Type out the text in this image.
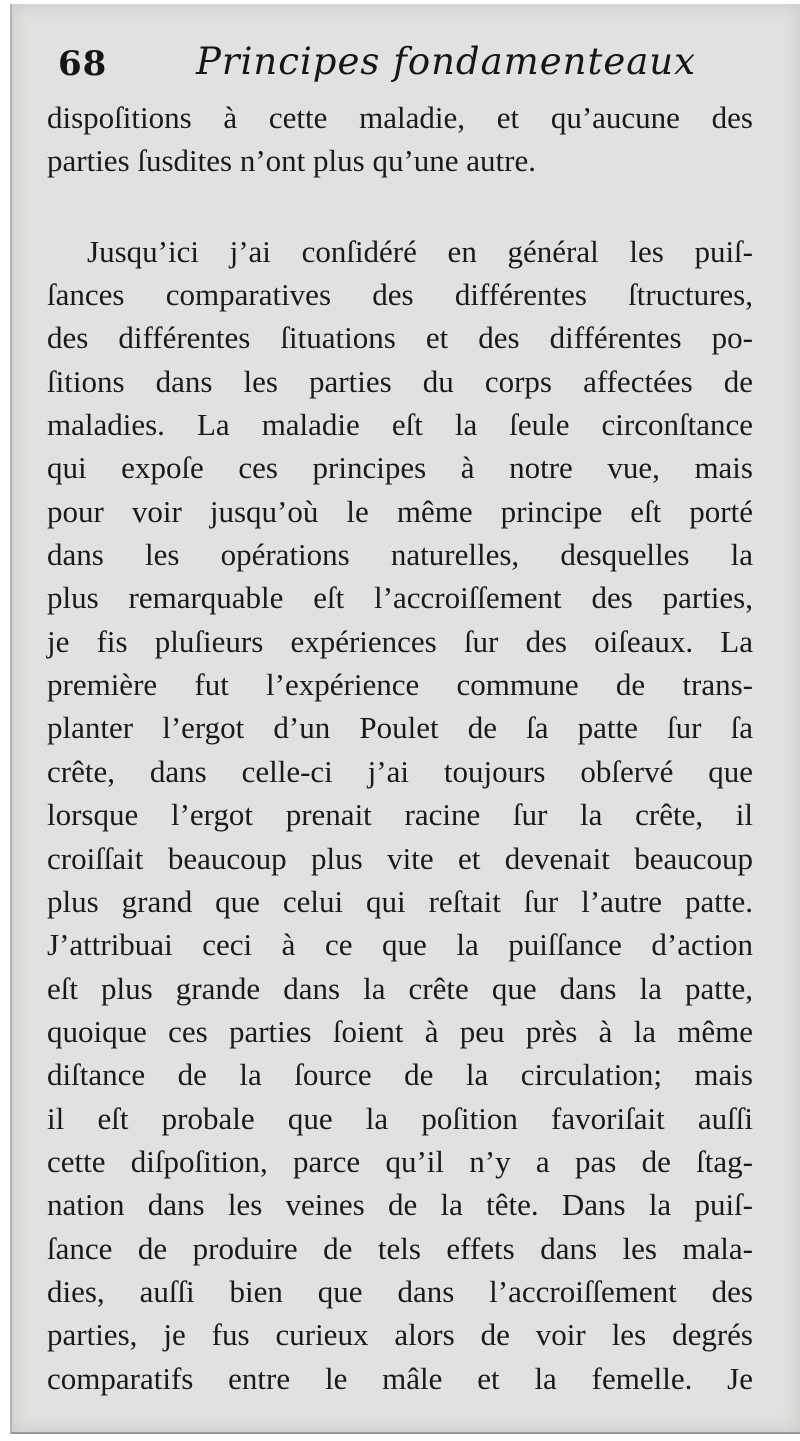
68 Principes fondamenteaux
dispoſitions à cette maladie, et qu’aucune des
parties ſusdites n’ont plus qu’une autre.
Jusqu’ici j’ai conſidéré en général les puiſ-
ſances comparatives des différentes ſtructures,
des différentes ſituations et des différentes po-
ſitions dans les parties du corps affectées de
maladies. La maladie eſt la ſeule circonſtance
qui expoſe ces principes à notre vue, mais
pour voir jusqu’où le même principe eſt porté
dans les opérations naturelles, desquelles la
plus remarquable eſt l’accroiſſement des parties,
je fis pluſieurs expériences ſur des oiſeaux. La
première fut l’expérience commune de trans-
planter l’ergot d’un Poulet de ſa patte ſur ſa
crête, dans celle-ci j’ai toujours obſervé que
lorsque l’ergot prenait racine ſur la crête, il
croiſſait beaucoup plus vite et devenait beaucoup
plus grand que celui qui reſtait ſur l’autre patte.
J’attribuai ceci à ce que la puiſſance d’action
eſt plus grande dans la crête que dans la patte,
quoique ces parties ſoient à peu près à la même
diſtance de la ſource de la circulation; mais
il eſt probale que la poſition favoriſait auſſi
cette diſpoſition, parce qu’il n’y a pas de ſtag-
nation dans les veines de la tête. Dans la puiſ-
ſance de produire de tels effets dans les mala-
dies, auſſi bien que dans l’accroiſſement des
parties, je fus curieux alors de voir les degrés
comparatifs entre le mâle et la femelle. Je
